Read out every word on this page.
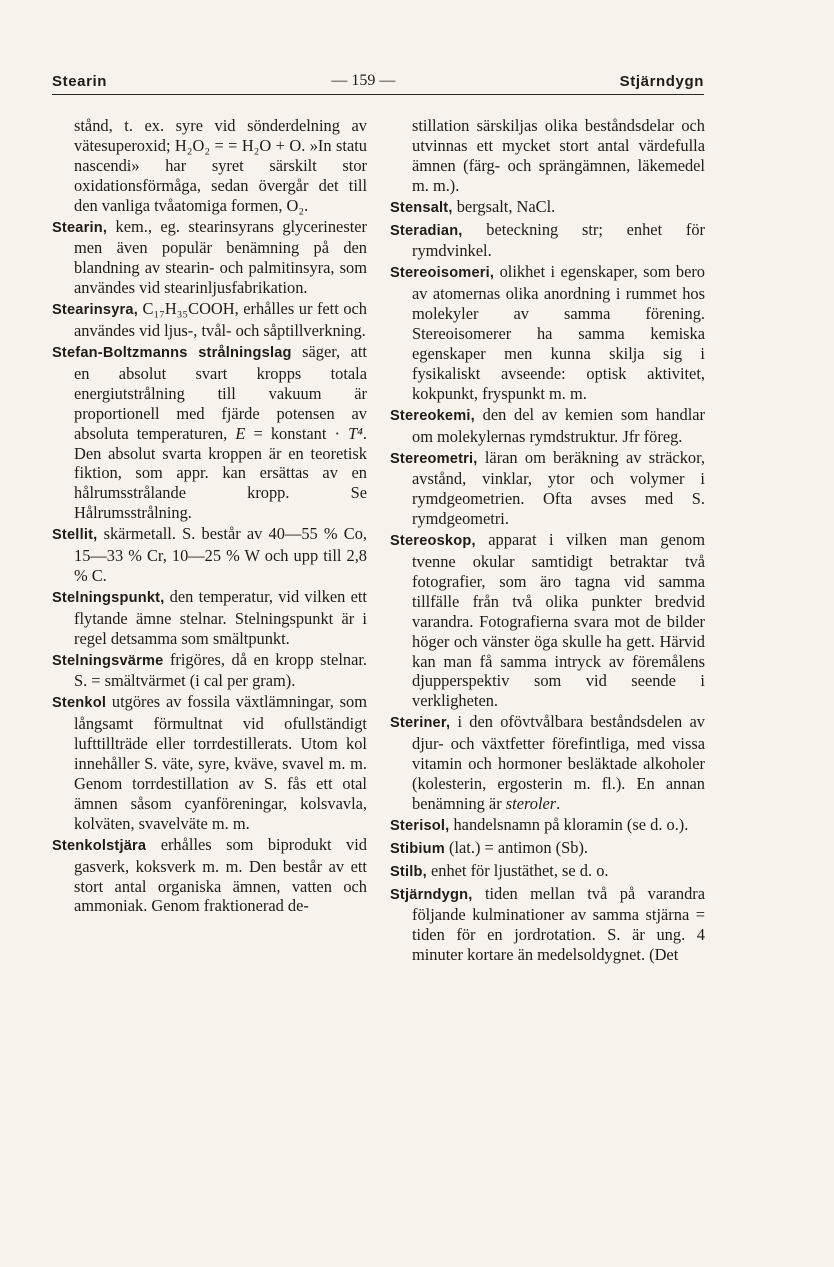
Stearin	— 159 —	Stjärndygn

stånd, t. ex. syre vid sönderdelning av vätesuperoxid; H₂O₂ = = H₂O + O. »In statu nascendi» har syret särskilt stor oxidationsförmåga, sedan övergår det till den vanliga tvåatomiga formen, O₂.

Stearin, kem., eg. stearinsyrans glycerinester men även populär benämning på den blandning av stearin- och palmitinsyra, som användes vid stearinljusfabrikation.

Stearinsyra, C₁₇H₃₅COOH, erhålles ur fett och användes vid ljus-, tvål- och såptillverkning.

Stefan-Boltzmanns strålningslag säger, att en absolut svart kropps totala energiutstrålning till vakuum är proportionell med fjärde potensen av absoluta temperaturen, E = konstant · T⁴. Den absolut svarta kroppen är en teoretisk fiktion, som appr. kan ersättas av en hålrumsstrålande kropp. Se Hålrumsstrålning.

Stellit, skärmetall. S. består av 40—55 % Co, 15—33 % Cr, 10—25 % W och upp till 2,8 % C.

Stelningspunkt, den temperatur, vid vilken ett flytande ämne stelnar. Stelningspunkt är i regel detsamma som smältpunkt.

Stelningsvärme frigöres, då en kropp stelnar. S. = smältvärmet (i cal per gram).

Stenkol utgöres av fossila växtlämningar, som långsamt förmultnat vid ofullständigt lufttillträde eller torrdestillerats. Utom kol innehåller S. väte, syre, kväve, svavel m. m. Genom torrdestillation av S. fås ett otal ämnen såsom cyanföreningar, kolsvavla, kolväten, svavelväte m. m.

Stenkolstjära erhålles som biprodukt vid gasverk, koksverk m. m. Den består av ett stort antal organiska ämnen, vatten och ammoniak. Genom fraktionerad de-

stillation särskiljas olika beståndsdelar och utvinnas ett mycket stort antal värdefulla ämnen (färg- och sprängämnen, läkemedel m. m.).

Stensalt, bergsalt, NaCl.

Steradian, beteckning str; enhet för rymdvinkel.

Stereoisomeri, olikhet i egenskaper, som bero av atomernas olika anordning i rummet hos molekyler av samma förening. Stereoisomerer ha samma kemiska egenskaper men kunna skilja sig i fysikaliskt avseende: optisk aktivitet, kokpunkt, fryspunkt m. m.

Stereokemi, den del av kemien som handlar om molekylernas rymdstruktur. Jfr föreg.

Stereometri, läran om beräkning av sträckor, avstånd, vinklar, ytor och volymer i rymdgeometrien. Ofta avses med S. rymdgeometri.

Stereoskop, apparat i vilken man genom tvenne okular samtidigt betraktar två fotografier, som äro tagna vid samma tillfälle från två olika punkter bredvid varandra. Fotografierna svara mot de bilder höger och vänster öga skulle ha gett. Härvid kan man få samma intryck av föremålens djupperspektiv som vid seende i verkligheten.

Steriner, i den ofövtvålbara beståndsdelen av djur- och växtfetter förefintliga, med vissa vitamin och hormoner besläktade alkoholer (kolesterin, ergosterin m. fl.). En annan benämning är steroler.

Sterisol, handelsnamn på kloramin (se d. o.).

Stibium (lat.) = antimon (Sb).

Stilb, enhet för ljustäthet, se d. o.

Stjärndygn, tiden mellan två på varandra följande kulminationer av samma stjärna = tiden för en jordrotation. S. är ung. 4 minuter kortare än medelsoldygnet. (Det
